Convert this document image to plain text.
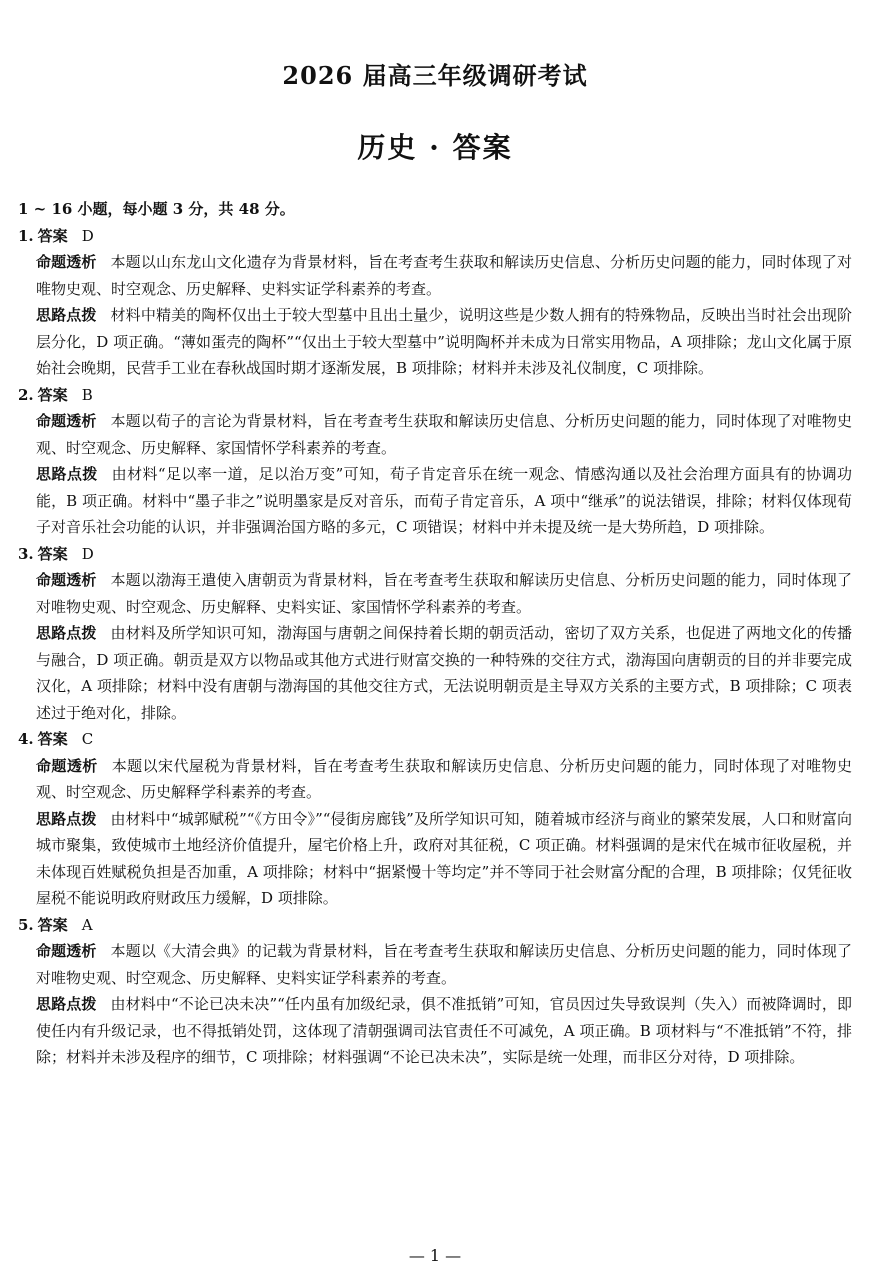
2026 届高三年级调研考试
历史 · 答案
1 ~ 16 小题，每小题 3 分，共 48 分。
1. 答案 D
命题透析 本题以山东龙山文化遗存为背景材料，旨在考查考生获取和解读历史信息、分析历史问题的能力，同时体现了对唯物史观、时空观念、历史解释、史料实证学科素养的考查。
思路点拨 材料中精美的陶杯仅出土于较大型墓中且出土量少，说明这些是少数人拥有的特殊物品，反映出当时社会出现阶层分化，D 项正确。“薄如蛋壳的陶杯”“仅出土于较大型墓中”说明陶杯并未成为日常实用物品，A 项排除；龙山文化属于原始社会晚期，民营手工业在春秋战国时期才逐渐发展，B 项排除；材料并未涉及礼仪制度，C 项排除。
2. 答案 B
命题透析 本题以荀子的言论为背景材料，旨在考查考生获取和解读历史信息、分析历史问题的能力，同时体现了对唯物史观、时空观念、历史解释、家国情怀学科素养的考查。
思路点拨 由材料“足以率一道，足以治万变”可知，荀子肯定音乐在统一观念、情感沟通以及社会治理方面具有的协调功能，B 项正确。材料中“墨子非之”说明墨家是反对音乐，而荀子肯定音乐，A 项中“继承”的说法错误，排除；材料仅体现荀子对音乐社会功能的认识，并非强调治国方略的多元，C 项错误；材料中并未提及统一是大势所趋，D 项排除。
3. 答案 D
命题透析 本题以渤海王遣使入唐朝贡为背景材料，旨在考查考生获取和解读历史信息、分析历史问题的能力，同时体现了对唯物史观、时空观念、历史解释、史料实证、家国情怀学科素养的考查。
思路点拨 由材料及所学知识可知，渤海国与唐朝之间保持着长期的朝贡活动，密切了双方关系，也促进了两地文化的传播与融合，D 项正确。朝贡是双方以物品或其他方式进行财富交换的一种特殊的交往方式，渤海国向唐朝贡的目的并非要完成汉化，A 项排除；材料中没有唐朝与渤海国的其他交往方式，无法说明朝贡是主导双方关系的主要方式，B 项排除；C 项表述过于绝对化，排除。
4. 答案 C
命题透析 本题以宋代屋税为背景材料，旨在考查考生获取和解读历史信息、分析历史问题的能力，同时体现了对唯物史观、时空观念、历史解释学科素养的考查。
思路点拨 由材料中“城郭赋税”“《方田令》”“侵街房廊钱”及所学知识可知，随着城市经济与商业的繁荣发展，人口和财富向城市聚集，致使城市土地经济价值提升，屋宅价格上升，政府对其征税，C 项正确。材料强调的是宋代在城市征收屋税，并未体现百姓赋税负担是否加重，A 项排除；材料中“据紧慢十等均定”并不等同于社会财富分配的合理，B 项排除；仅凭征收屋税不能说明政府财政压力缓解，D 项排除。
5. 答案 A
命题透析 本题以《大清会典》的记载为背景材料，旨在考查考生获取和解读历史信息、分析历史问题的能力，同时体现了对唯物史观、时空观念、历史解释、史料实证学科素养的考查。
思路点拨 由材料中“不论已决未决”“任内虽有加级纪录，俱不准抵销”可知，官员因过失导致误判（失入）而被降调时，即使任内有升级记录，也不得抵销处罚，这体现了清朝强调司法官责任不可减免，A 项正确。B 项材料与“不准抵销”不符，排除；材料并未涉及程序的细节，C 项排除；材料强调“不论已决未决”，实际是统一处理，而非区分对待，D 项排除。
— 1 —
